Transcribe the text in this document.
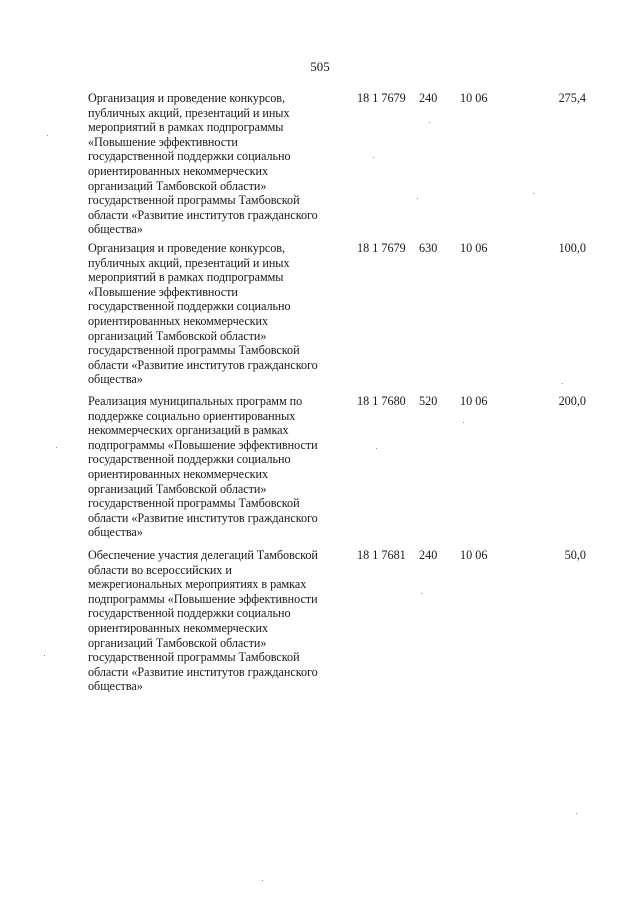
505
Организация и проведение конкурсов,
публичных акций, презентаций и иных
мероприятий в рамках подпрограммы
«Повышение эффективности
государственной поддержки социально
ориентированных некоммерческих
организаций Тамбовской области»
государственной программы Тамбовской
области «Развитие институтов гражданского
общества»
18 1 7679 240 10 06	275,4
Организация и проведение конкурсов,
публичных акций, презентаций и иных
мероприятий в рамках подпрограммы
«Повышение эффективности
государственной поддержки социально
ориентированных некоммерческих
организаций Тамбовской области»
государственной программы Тамбовской
области «Развитие институтов гражданского
общества»
18 1 7679 630 10 06	100,0
Реализация муниципальных программ по
поддержке социально ориентированных
некоммерческих организаций в рамках
подпрограммы «Повышение эффективности
государственной поддержки социально
ориентированных некоммерческих
организаций Тамбовской области»
государственной программы Тамбовской
области «Развитие институтов гражданского
общества»
18 1 7680 520 10 06	200,0
Обеспечение участия делегаций Тамбовской
области во всероссийских и
межрегиональных мероприятиях в рамках
подпрограммы «Повышение эффективности
государственной поддержки социально
ориентированных некоммерческих
организаций Тамбовской области»
государственной программы Тамбовской
области «Развитие институтов гражданского
общества»
18 1 7681 240 10 06	50,0
